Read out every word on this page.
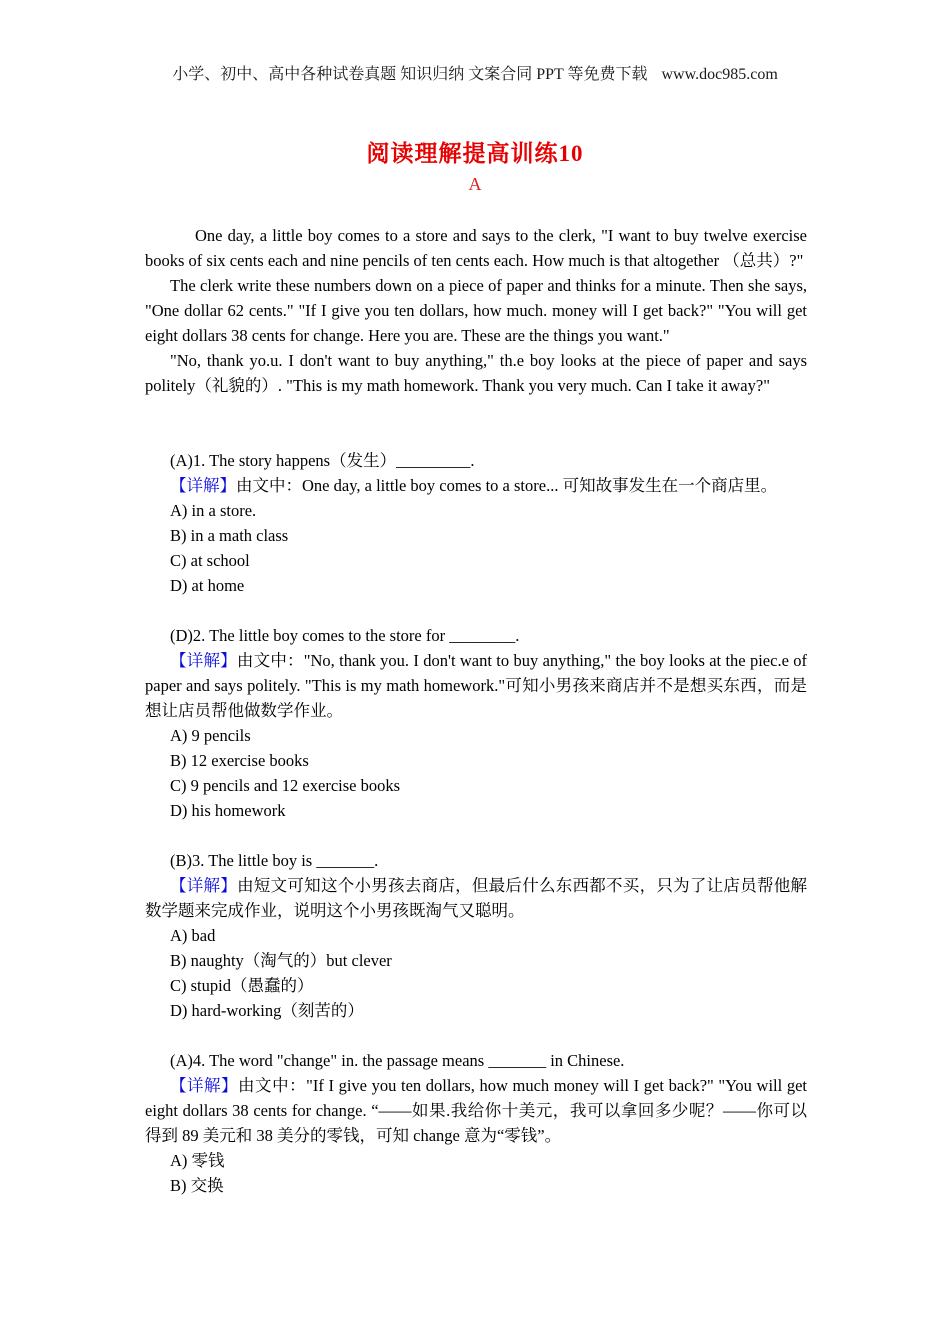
小学、初中、高中各种试卷真题 知识归纳 文案合同 PPT 等免费下载 www.doc985.com
阅读理解提高训练10
A

One day, a little boy comes to a store and says to the clerk, "I want to buy twelve exercise books of six cents each and nine pencils of ten cents each. How much is that altogether （总共）?"

The clerk write these numbers down on a piece of paper and thinks for a minute. Then she says, "One dollar 62 cents." "If I give you ten dollars, how much. money will I get back?" "You will get eight dollars 38 cents for change. Here you are. These are the things you want."

"No, thank yo.u. I don't want to buy anything," th.e boy looks at the piece of paper and says politely（礼貌的）. "This is my math homework. Thank you very much. Can I take it away?"

(A)1. The story happens（发生）_________.

【详解】由文中：One day, a little boy comes to a store... 可知故事发生在一个商店里。

A) in a store.

B) in a math class

C) at school

D) at home

(D)2. The little boy comes to the store for ________.

【详解】由文中："No, thank you. I don't want to buy anything," the boy looks at the piec.e of paper and says politely. "This is my math homework."可知小男孩来商店并不是想买东西，而是想让店员帮他做数学作业。

A) 9 pencils

B) 12 exercise books

C) 9 pencils and 12 exercise books

D) his homework

(B)3. The little boy is _______.

【详解】由短文可知这个小男孩去商店，但最后什么东西都不买，只为了让店员帮他解数学题来完成作业，说明这个小男孩既淘气又聪明。

A) bad

B) naughty（淘气的）but clever

C) stupid（愚蠢的）

D) hard-working（刻苦的）

(A)4. The word "change" in. the passage means _______ in Chinese.

【详解】由文中："If I give you ten dollars, how much money will I get back?" "You will get eight dollars 38 cents for change. “——如果.我给你十美元，我可以拿回多少呢？——你可以得到 89 美元和 38 美分的零钱，可知 change 意为“零钱”。

A) 零钱

B) 交换
